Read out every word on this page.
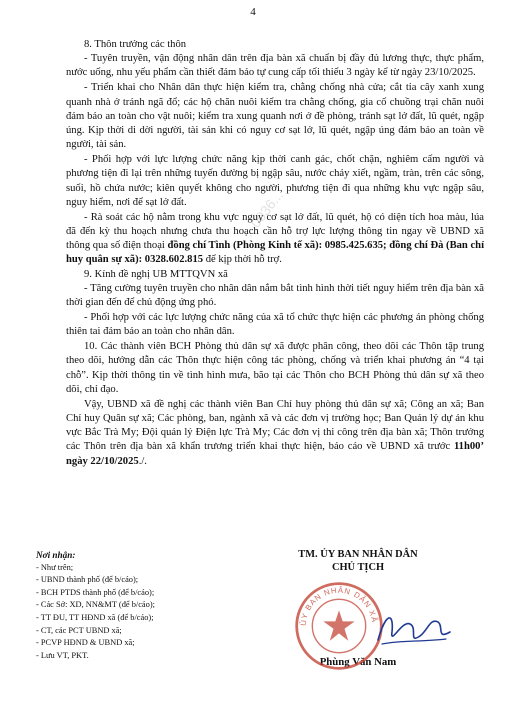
4
...0036...

8. Thôn trưởng các thôn

- Tuyên truyền, vận động nhân dân trên địa bàn xã chuẩn bị đầy đủ lương thực, thực phẩm, nước uống, nhu yếu phẩm cần thiết đảm bảo tự cung cấp tối thiểu 3 ngày kể từ ngày 23/10/2025.

- Triển khai cho Nhân dân thực hiện kiểm tra, chằng chống nhà cửa; cắt tỉa cây xanh xung quanh nhà ở tránh ngã đổ; các hộ chăn nuôi kiểm tra chằng chống, gia cố chuồng trại chăn nuôi đảm bảo an toàn cho vật nuôi; kiểm tra xung quanh nơi ở đề phòng, tránh sạt lở đất, lũ quét, ngập úng. Kịp thời di dời người, tài sản khi có nguy cơ sạt lở, lũ quét, ngập úng đảm bảo an toàn về người, tài sản.

- Phối hợp với lực lượng chức năng kịp thời canh gác, chốt chặn, nghiêm cấm người và phương tiện đi lại trên những tuyến đường bị ngập sâu, nước chảy xiết, ngầm, tràn, trên các sông, suối, hồ chứa nước; kiên quyết không cho người, phương tiện đi qua những khu vực ngập sâu, nguy hiểm, nơi để sạt lở đất.

- Rà soát các hộ nằm trong khu vực nguy cơ sạt lở đất, lũ quét, hộ có diện tích hoa màu, lúa đã đến kỳ thu hoạch nhưng chưa thu hoạch cần hỗ trợ lực lượng thông tin ngay về UBND xã thông qua số điện thoại đồng chí Tình (Phòng Kinh tế xã): 0985.425.635; đồng chí Đà (Ban chỉ huy quân sự xã): 0328.602.815 để kịp thời hỗ trợ.

9. Kính đề nghị UB MTTQVN xã

- Tăng cường tuyên truyền cho nhân dân nắm bắt tình hình thời tiết nguy hiểm trên địa bàn xã thời gian đến để chủ động ứng phó.

- Phối hợp với các lực lượng chức năng của xã tổ chức thực hiện các phương án phòng chống thiên tai đảm bảo an toàn cho nhân dân.

10. Các thành viên BCH Phòng thủ dân sự xã được phân công, theo dõi các Thôn tập trung theo dõi, hướng dẫn các Thôn thực hiện công tác phòng, chống và triển khai phương án “4 tại chỗ”. Kịp thời thông tin về tình hình mưa, bão tại các Thôn cho BCH Phòng thủ dân sự xã theo dõi, chỉ đạo.

Vậy, UBND xã đề nghị các thành viên Ban Chỉ huy phòng thủ dân sự xã; Công an xã; Ban Chỉ huy Quân sự xã; Các phòng, ban, ngành xã và các đơn vị trường học; Ban Quản lý dự án khu vực Bắc Trà My; Đội quản lý Điện lực Trà My; Các đơn vị thi công trên địa bàn xã; Thôn trưởng các Thôn trên địa bàn xã khẩn trương triển khai thực hiện, báo cáo về UBND xã trước 11h00’ ngày 22/10/2025./.

Nơi nhận:
- Như trên;
- UBND thành phố (để b/cáo);
- BCH PTDS thành phố (để b/cáo);
- Các Sở: XD, NN&MT (để b/cáo);
- TT ĐU, TT HĐND xã (để b/cáo);
- CT, các PCT UBND xã;
- PCVP HĐND & UBND xã;
- Lưu VT, PKT.
TM. ỦY BAN NHÂN DÂN
CHỦ TỊCH
Phùng Văn Nam
ỦY BAN NHÂN DÂN XÃ
